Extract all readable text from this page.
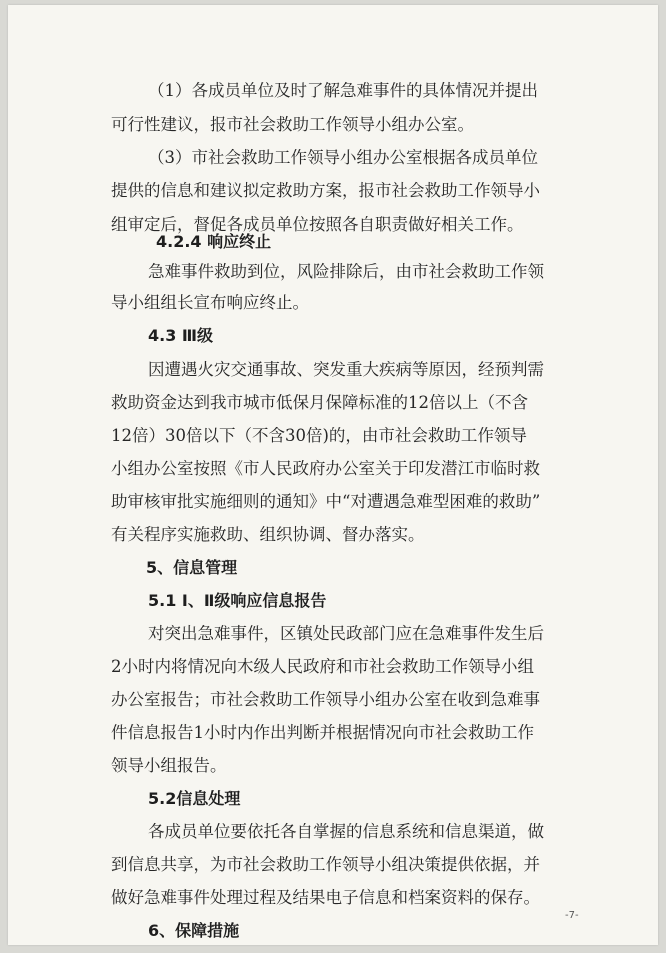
（1）各成员单位及时了解急难事件的具体情况并提出
可行性建议，报市社会救助工作领导小组办公室。
（3）市社会救助工作领导小组办公室根据各成员单位
提供的信息和建议拟定救助方案，报市社会救助工作领导小
组审定后，督促各成员单位按照各自职责做好相关工作。
4.2.4 响应终止
急难事件救助到位，风险排除后，由市社会救助工作领
导小组组长宣布响应终止。
4.3 Ⅲ级
因遭遇火灾交通事故、突发重大疾病等原因，经预判需
救助资金达到我市城市低保月保障标准的12倍以上（不含
12倍）30倍以下（不含30倍)的，由市社会救助工作领导
小组办公室按照《市人民政府办公室关于印发潜江市临时救
助审核审批实施细则的通知》中“对遭遇急难型困难的救助”
有关程序实施救助、组织协调、督办落实。
5、信息管理
5.1 Ⅰ、Ⅱ级响应信息报告
对突出急难事件，区镇处民政部门应在急难事件发生后
2小时内将情况向木级人民政府和市社会救助工作领导小组
办公室报告；市社会救助工作领导小组办公室在收到急难事
件信息报告1小时内作出判断并根据情况向市社会救助工作
领导小组报告。
5.2信息处理
各成员单位要依托各自掌握的信息系统和信息渠道，做
到信息共享，为市社会救助工作领导小组决策提供依据，并
做好急难事件处理过程及结果电子信息和档案资料的保存。
6、保障措施
-7-
